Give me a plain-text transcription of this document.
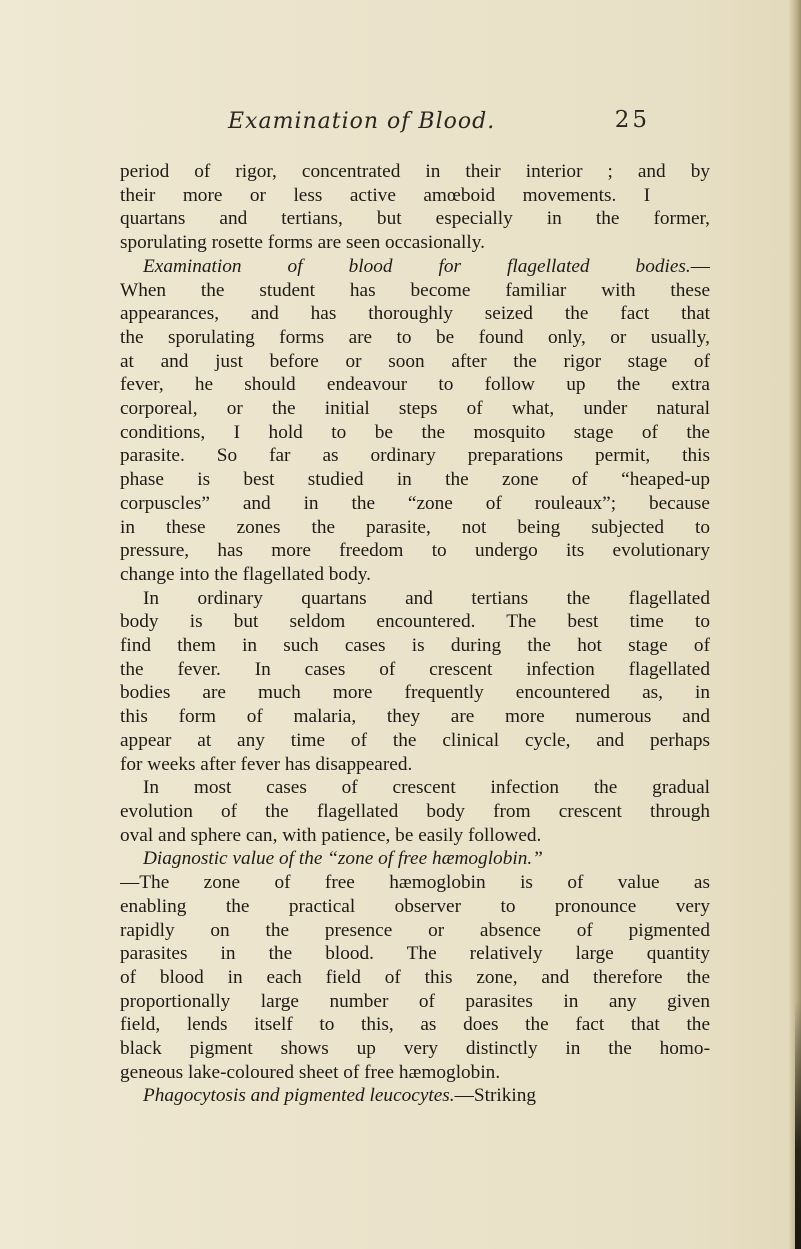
Examination of Blood.	25

period of rigor, concentrated in their interior ; and by

their more or less active amœboid movements. I

quartans and tertians, but especially in the former,

sporulating rosette forms are seen occasionally.

Examination of blood for flagellated bodies.—

When the student has become familiar with these

appearances, and has thoroughly seized the fact that

the sporulating forms are to be found only, or usually,

at and just before or soon after the rigor stage of

fever, he should endeavour to follow up the extra

corporeal, or the initial steps of what, under natural

conditions, I hold to be the mosquito stage of the

parasite. So far as ordinary preparations permit, this

phase is best studied in the zone of “heaped-up

corpuscles” and in the “zone of rouleaux”; because

in these zones the parasite, not being subjected to

pressure, has more freedom to undergo its evolutionary

change into the flagellated body.

In ordinary quartans and tertians the flagellated

body is but seldom encountered. The best time to

find them in such cases is during the hot stage of

the fever. In cases of crescent infection flagellated

bodies are much more frequently encountered as, in

this form of malaria, they are more numerous and

appear at any time of the clinical cycle, and perhaps

for weeks after fever has disappeared.

In most cases of crescent infection the gradual

evolution of the flagellated body from crescent through

oval and sphere can, with patience, be easily followed.

Diagnostic value of the “zone of free hæmoglobin.”

—The zone of free hæmoglobin is of value as

enabling the practical observer to pronounce very

rapidly on the presence or absence of pigmented

parasites in the blood. The relatively large quantity

of blood in each field of this zone, and therefore the

proportionally large number of parasites in any given

field, lends itself to this, as does the fact that the

black pigment shows up very distinctly in the homo-

geneous lake-coloured sheet of free hæmoglobin.

Phagocytosis and pigmented leucocytes.—Striking
